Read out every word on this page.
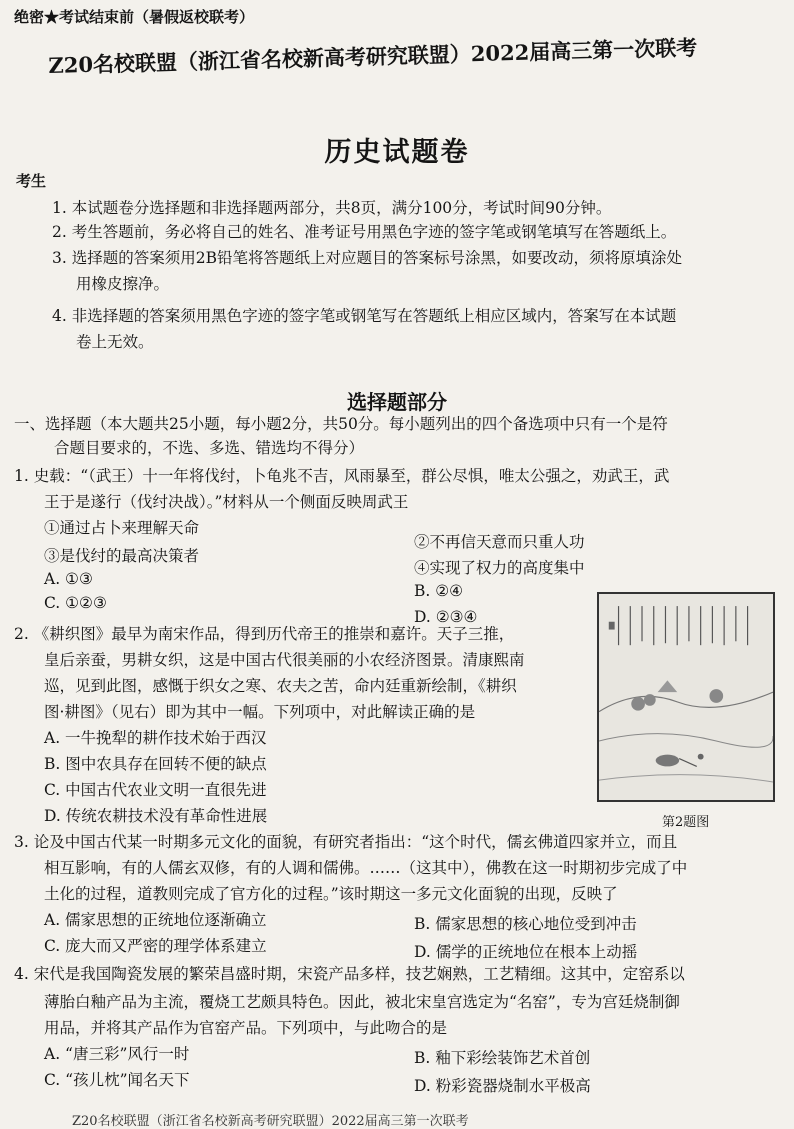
绝密★考试结束前（暑假返校联考）
Z20名校联盟（浙江省名校新高考研究联盟）2022届高三第一次联考
历史试题卷
考生
1. 本试题卷分选择题和非选择题两部分，共8页，满分100分，考试时间90分钟。
2. 考生答题前，务必将自己的姓名、准考证号用黑色字迹的签字笔或钢笔填写在答题纸上。
3. 选择题的答案须用2B铅笔将答题纸上对应题目的答案标号涂黑，如要改动，须将原填涂处
用橡皮擦净。
4. 非选择题的答案须用黑色字迹的签字笔或钢笔写在答题纸上相应区域内，答案写在本试题
卷上无效。
选择题部分
一、选择题（本大题共25小题，每小题2分，共50分。每小题列出的四个备选项中只有一个是符
合题目要求的，不选、多选、错选均不得分）
1. 史载：“（武王）十一年将伐纣，卜龟兆不吉，风雨暴至，群公尽惧，唯太公强之，劝武王，武
王于是遂行（伐纣决战）。”材料从一个侧面反映周武王
①通过占卜来理解天命
②不再信天意而只重人功
③是伐纣的最高决策者
④实现了权力的高度集中
A. ①③
B. ②④
C. ①②③
D. ②③④
2. 《耕织图》最早为南宋作品，得到历代帝王的推崇和嘉许。天子三推，
皇后亲蚕，男耕女织，这是中国古代很美丽的小农经济图景。清康熙南
巡，见到此图，感慨于织女之寒、农夫之苦，命内廷重新绘制，《耕织
图·耕图》（见右）即为其中一幅。下列项中，对此解读正确的是
A. 一牛挽犁的耕作技术始于西汉
B. 图中农具存在回转不便的缺点
C. 中国古代农业文明一直很先进
D. 传统农耕技术没有革命性进展	第2题图
3. 论及中国古代某一时期多元文化的面貌，有研究者指出：“这个时代，儒玄佛道四家并立，而且
相互影响，有的人儒玄双修，有的人调和儒佛。……（这其中），佛教在这一时期初步完成了中
土化的过程，道教则完成了官方化的过程。”该时期这一多元文化面貌的出现，反映了
A. 儒家思想的正统地位逐渐确立	B. 儒家思想的核心地位受到冲击
C. 庞大而又严密的理学体系建立	D. 儒学的正统地位在根本上动摇
4. 宋代是我国陶瓷发展的繁荣昌盛时期，宋瓷产品多样，技艺娴熟，工艺精细。这其中，定窑系以
薄胎白釉产品为主流，覆烧工艺颇具特色。因此，被北宋皇宫选定为“名窑”，专为宫廷烧制御
用品，并将其产品作为官窑产品。下列项中，与此吻合的是
A. “唐三彩”风行一时	B. 釉下彩绘装饰艺术首创
C. “孩儿枕”闻名天下	D. 粉彩瓷器烧制水平极高
Z20名校联盟（浙江省名校新高考研究联盟）2022届高三第一次联考
